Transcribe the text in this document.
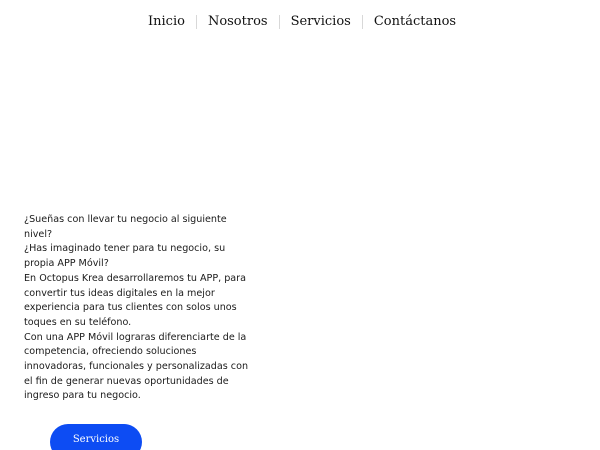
Inicio	Nosotros	Servicios	Contáctanos

¿Sueñas con llevar tu negocio al siguiente nivel?

¿Has imaginado tener para tu negocio, su propia APP Móvil?

En Octopus Krea desarrollaremos tu APP, para convertir tus ideas digitales en la mejor experiencia para tus clientes con solos unos toques en su teléfono.

Con una APP Móvil lograras diferenciarte de la competencia, ofreciendo soluciones innovadoras, funcionales y personalizadas con el fin de generar nuevas oportunidades de ingreso para tu negocio.

Servicios
